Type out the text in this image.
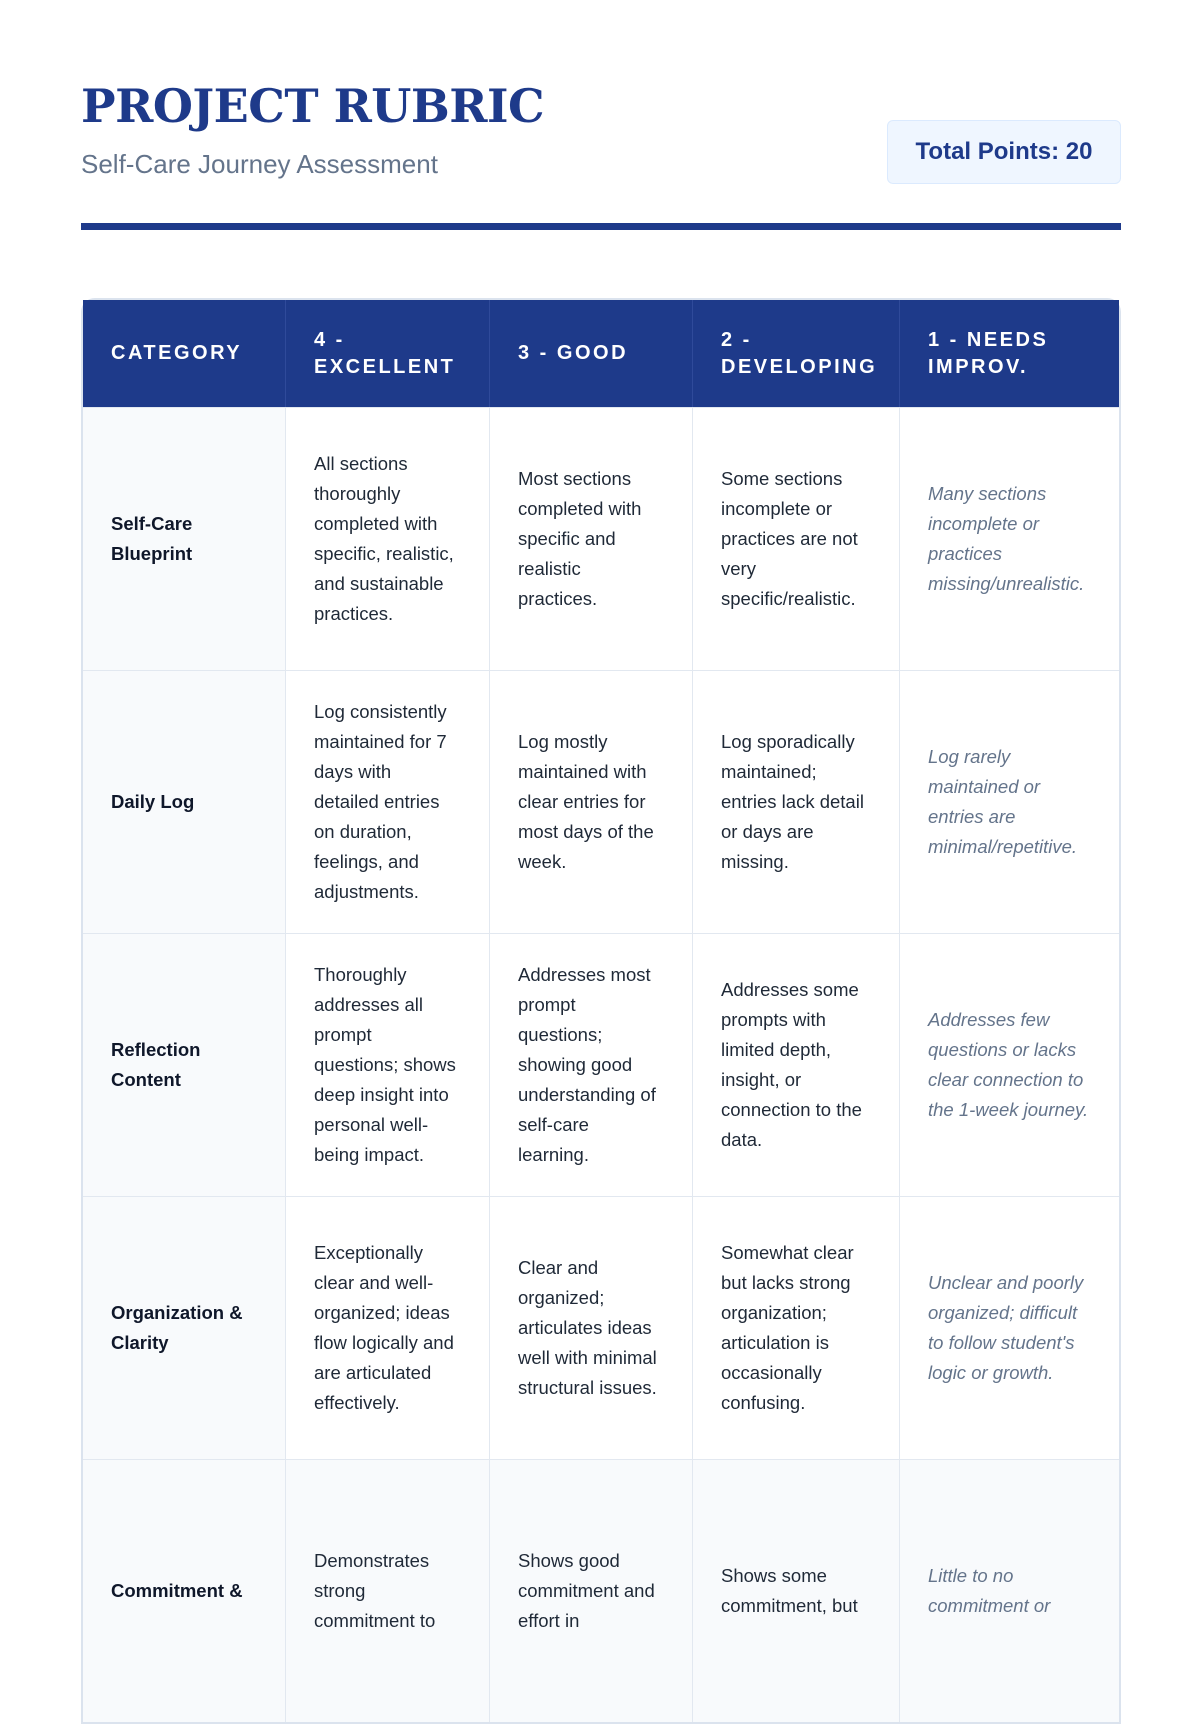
PROJECT RUBRIC
Self-Care Journey Assessment	Total Points: 20
CATEGORY
4 - EXCELLENT
3 - GOOD
2 - DEVELOPING
1 - NEEDS IMPROV.
Self-Care Blueprint
All sections thoroughly completed with specific, realistic, and sustainable practices.
Most sections completed with specific and realistic practices.
Some sections incomplete or practices are not very specific/realistic.
Many sections incomplete or practices missing/unrealistic.
Daily Log
Log consistently maintained for 7 days with detailed entries on duration, feelings, and adjustments.
Log mostly maintained with clear entries for most days of the week.
Log sporadically maintained; entries lack detail or days are missing.
Log rarely maintained or entries are minimal/repetitive.
Reflection Content
Thoroughly addresses all prompt questions; shows deep insight into personal well-being impact.
Addresses most prompt questions; showing good understanding of self-care learning.
Addresses some prompts with limited depth, insight, or connection to the data.
Addresses few questions or lacks clear connection to the 1-week journey.
Organization & Clarity
Exceptionally clear and well-organized; ideas flow logically and are articulated effectively.
Clear and organized; articulates ideas well with minimal structural issues.
Somewhat clear but lacks strong organization; articulation is occasionally confusing.
Unclear and poorly organized; difficult to follow student's logic or growth.
Commitment &
Demonstrates strong commitment to
Shows good commitment and effort in
Shows some commitment, but
Little to no commitment or
